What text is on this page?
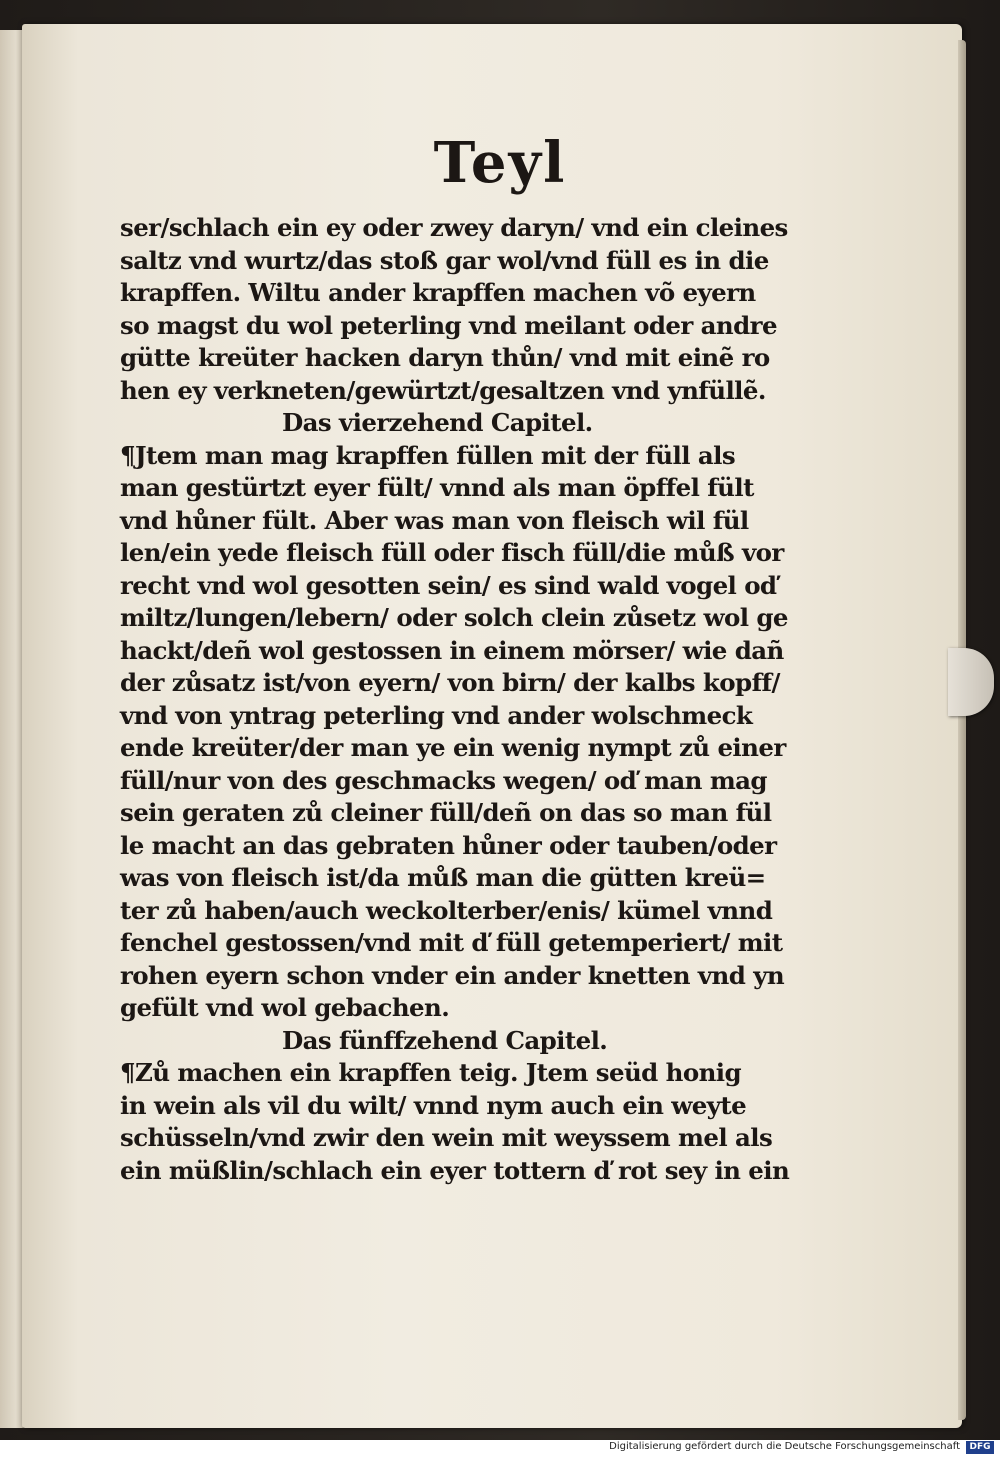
Teyl
ser/schlach ein ey oder zwey daryn/ vnd ein cleines
saltz vnd wurtz/das stoß gar wol/vnd füll es in die
krapffen. Wiltu ander krapffen machen võ eyern
so magst du wol peterling vnd meilant oder andre
gütte kreüter hacken daryn thůn/ vnd mit einẽ ro
hen ey verkneten/gewürtzt/gesaltzen vnd ynfüllẽ.
Das vierzehend Capitel.
¶Jtem man mag krapffen füllen mit der füll als
man gestürtzt eyer fült/ vnnd als man öpffel fült
vnd hůner fült. Aber was man von fleisch wil fül
len/ein yede fleisch füll oder fisch füll/die můß vor
recht vnd wol gesotten sein/ es sind wald vogel oď
miltz/lungen/lebern/ oder solch clein zůsetz wol ge
hackt/deñ wol gestossen in einem mörser/ wie dañ
der zůsatz ist/von eyern/ von birn/ der kalbs kopff/
vnd von yntrag peterling vnd ander wolschmeck
ende kreüter/der man ye ein wenig nympt zů einer
füll/nur von des geschmacks wegen/ oď man mag
sein geraten zů cleiner füll/deñ on das so man fül
le macht an das gebraten hůner oder tauben/oder
was von fleisch ist/da můß man die gütten kreü=
ter zů haben/auch weckolterber/enis/ kümel vnnd
fenchel gestossen/vnd mit ď füll getemperiert/ mit
rohen eyern schon vnder ein ander knetten vnd yn
gefült vnd wol gebachen.
Das fünffzehend Capitel.
¶Zů machen ein krapffen teig. Jtem seüd honig
in wein als vil du wilt/ vnnd nym auch ein weyte
schüsseln/vnd zwir den wein mit weyssem mel als
ein müßlin/schlach ein eyer tottern ď rot sey in ein
Digitalisierung gefördert durch die Deutsche Forschungsgemeinschaft	DFG
